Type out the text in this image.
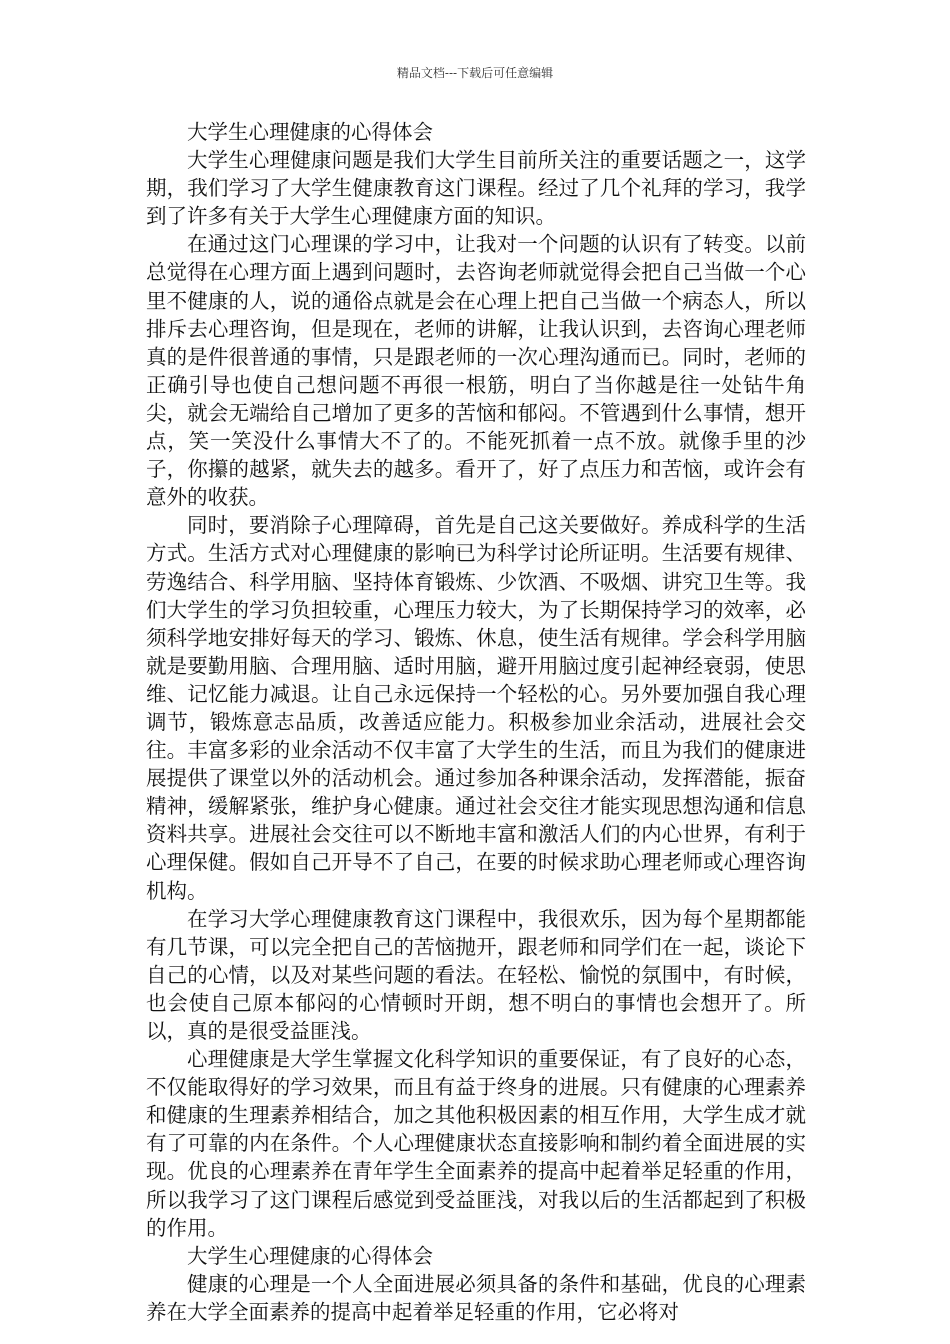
精品文档---下载后可任意编辑

大学生心理健康的心得体会

大学生心理健康问题是我们大学生目前所关注的重要话题之一，这学期，我们学习了大学生健康教育这门课程。经过了几个礼拜的学习，我学到了许多有关于大学生心理健康方面的知识。

在通过这门心理课的学习中，让我对一个问题的认识有了转变。以前总觉得在心理方面上遇到问题时，去咨询老师就觉得会把自己当做一个心里不健康的人，说的通俗点就是会在心理上把自己当做一个病态人，所以排斥去心理咨询，但是现在，老师的讲解，让我认识到，去咨询心理老师真的是件很普通的事情，只是跟老师的一次心理沟通而已。同时，老师的正确引导也使自己想问题不再很一根筋，明白了当你越是往一处钻牛角尖，就会无端给自己增加了更多的苦恼和郁闷。不管遇到什么事情，想开点，笑一笑没什么事情大不了的。不能死抓着一点不放。就像手里的沙子，你攥的越紧，就失去的越多。看开了，好了点压力和苦恼，或许会有意外的收获。

同时，要消除子心理障碍，首先是自己这关要做好。养成科学的生活方式。生活方式对心理健康的影响已为科学讨论所证明。生活要有规律、劳逸结合、科学用脑、坚持体育锻炼、少饮酒、不吸烟、讲究卫生等。我们大学生的学习负担较重，心理压力较大，为了长期保持学习的效率，必须科学地安排好每天的学习、锻炼、休息，使生活有规律。学会科学用脑就是要勤用脑、合理用脑、适时用脑，避开用脑过度引起神经衰弱，使思维、记忆能力减退。让自己永远保持一个轻松的心。另外要加强自我心理调节，锻炼意志品质，改善适应能力。积极参加业余活动，进展社会交往。丰富多彩的业余活动不仅丰富了大学生的生活，而且为我们的健康进展提供了课堂以外的活动机会。通过参加各种课余活动，发挥潜能，振奋精神，缓解紧张，维护身心健康。通过社会交往才能实现思想沟通和信息资料共享。进展社会交往可以不断地丰富和激活人们的内心世界，有利于心理保健。假如自己开导不了自己，在要的时候求助心理老师或心理咨询机构。

在学习大学心理健康教育这门课程中，我很欢乐，因为每个星期都能有几节课，可以完全把自己的苦恼抛开，跟老师和同学们在一起，谈论下自己的心情，以及对某些问题的看法。在轻松、愉悦的氛围中，有时候，也会使自己原本郁闷的心情顿时开朗，想不明白的事情也会想开了。所以，真的是很受益匪浅。

心理健康是大学生掌握文化科学知识的重要保证，有了良好的心态，不仅能取得好的学习效果，而且有益于终身的进展。只有健康的心理素养和健康的生理素养相结合，加之其他积极因素的相互作用，大学生成才就有了可靠的内在条件。个人心理健康状态直接影响和制约着全面进展的实现。优良的心理素养在青年学生全面素养的提高中起着举足轻重的作用，所以我学习了这门课程后感觉到受益匪浅，对我以后的生活都起到了积极的作用。

大学生心理健康的心得体会

健康的心理是一个人全面进展必须具备的条件和基础，优良的心理素养在大学全面素养的提高中起着举足轻重的作用，它必将对
